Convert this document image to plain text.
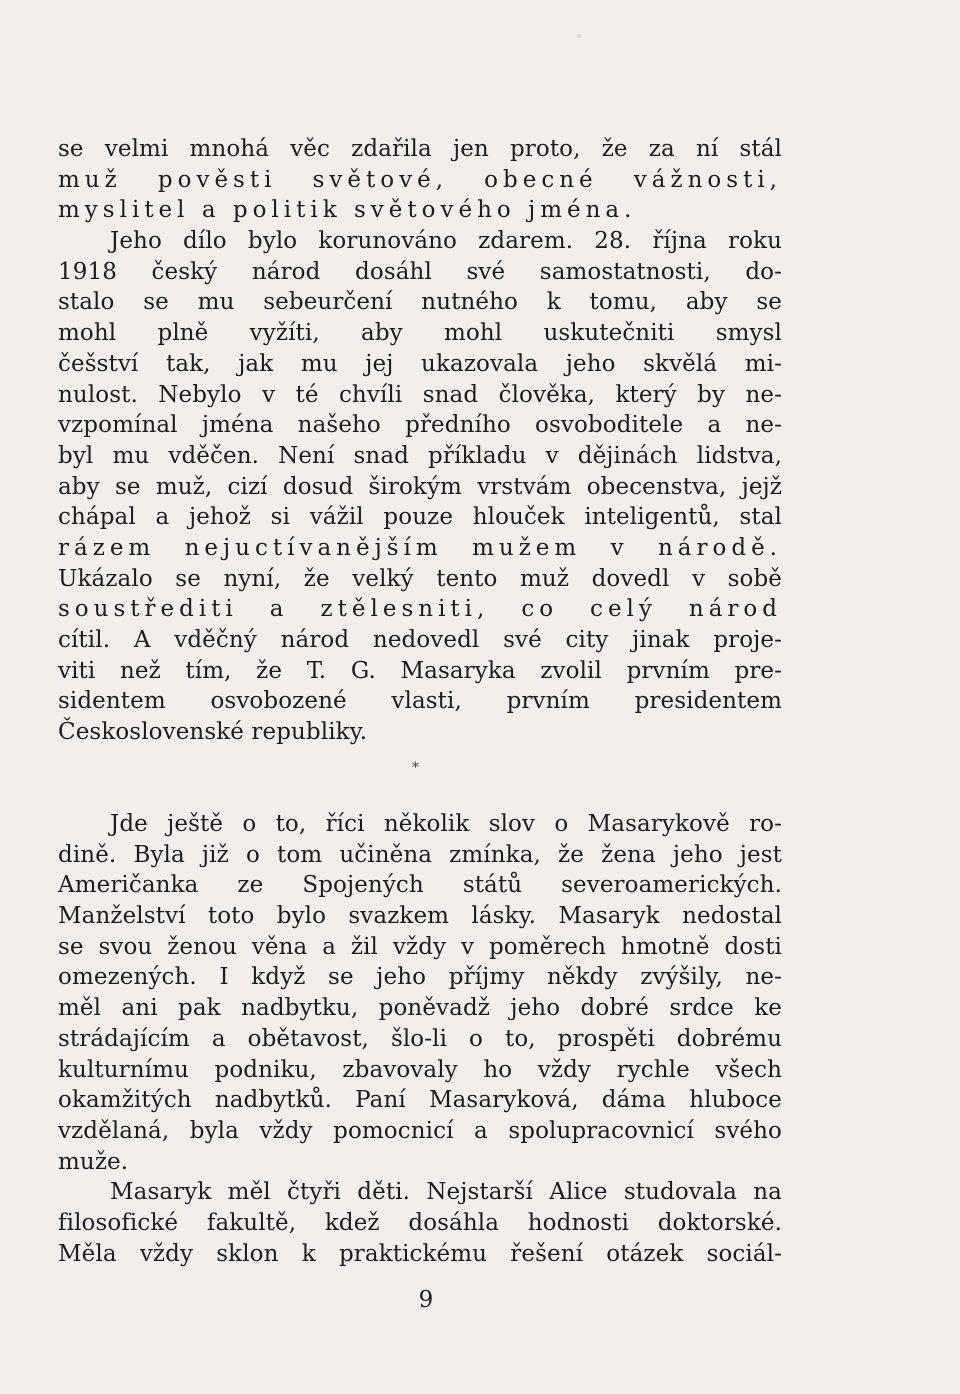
se velmi mnohá věc zdařila jen proto, že za ní stál
muž pověsti světové, obecné vážnosti,
myslitel a politik světového jména.
Jeho dílo bylo korunováno zdarem. 28. října roku
1918 český národ dosáhl své samostatnosti, do-
stalo se mu sebeurčení nutného k tomu, aby se
mohl plně vyžíti, aby mohl uskutečniti smysl
češství tak, jak mu jej ukazovala jeho skvělá mi-
nulost. Nebylo v té chvíli snad člověka, který by ne-
vzpomínal jména našeho předního osvoboditele a ne-
byl mu vděčen. Není snad příkladu v dějinách lidstva,
aby se muž, cizí dosud širokým vrstvám obecenstva, jejž
chápal a jehož si vážil pouze hlouček inteligentů, stal
rázem nejuctívanějším mužem v národě.
Ukázalo se nyní, že velký tento muž dovedl v sobě
soustřediti a ztělesniti, co celý národ
cítil. A vděčný národ nedovedl své city jinak proje-
viti než tím, že T. G. Masaryka zvolil prvním pre-
sidentem osvobozené vlasti, prvním presidentem
Československé republiky.
*
Jde ještě o to, říci několik slov o Masarykově ro-
dině. Byla již o tom učiněna zmínka, že žena jeho jest
Američanka ze Spojených států severoamerických.
Manželství toto bylo svazkem lásky. Masaryk nedostal
se svou ženou věna a žil vždy v poměrech hmotně dosti
omezených. I když se jeho příjmy někdy zvýšily, ne-
měl ani pak nadbytku, poněvadž jeho dobré srdce ke
strádajícím a obětavost, šlo-li o to, prospěti dobrému
kulturnímu podniku, zbavovaly ho vždy rychle všech
okamžitých nadbytků. Paní Masaryková, dáma hluboce
vzdělaná, byla vždy pomocnicí a spolupracovnicí svého
muže.
Masaryk měl čtyři děti. Nejstarší Alice studovala na
filosofické fakultě, kdež dosáhla hodnosti doktorské.
Měla vždy sklon k praktickému řešení otázek sociál-
9
